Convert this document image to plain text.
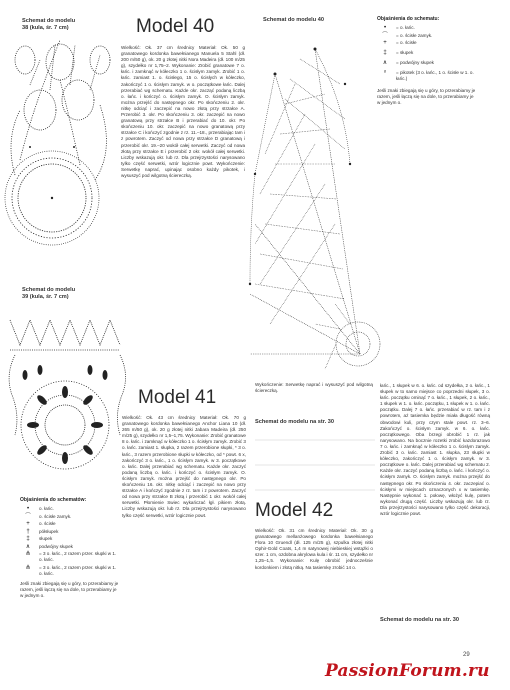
Schemat do modelu 38 (kula, śr. 7 cm)
Schemat do modelu 39 (kula, śr. 7 cm)
Objaśnienia do schematów:
•	o. łańc.
⌒	o. ścisłe zamyk.
+	o. ścisłe
†	półsłupek
‡	słupek
∧	podwójny słupek
⋔	= 3 o. łańc., 2 razem przer. słupki w 1. o. łańc.
⋔	= 3 o. łańc., 2 razem przer. słupki w 1. o. łańc.
Jeśli znaki zbiegają się u góry, to przerabiamy je razem, jeśli łączą się na dole, to przerabiamy je w jednym o.
Model 40
Wielkość: Ok. 37 cm średnicy Materiał: Ok. 50 g granatowego kordonka bawełnianego Manuela 5 Stahl (dł. 200 m/50 g), ok. 20 g złotej nitki Nora Madeira (dł. 100 m/25 g), szydełko nr 1,75–2. Wykonanie: Zrobić granatowe 7 o. łańc. i zamknąć w kółeczko 1 o. ścisłym zamyk. Zrobić 1 o. łańc. zamiast 1. o. ścisłego, 15 o. ścisłych w kółeczko, zakończyć 1 o. ścisłym zamyk. w o. początkowe łańc. Dalej przerabiać wg schematu. Każde okr. zacząć podaną liczbą o. łańc. i kończyć o. ścisłym zamyk. O. ścisłym zamyk. można przejść do następnego okr. Po skończeniu 2. okr. nitkę odciąć i zaczepić na nowo złotą przy strzałce A. Przerobić 3. okr. Po skończeniu 3. okr. zaczepić na nowo granatową przy strzałce B i przerabiać do 10. okr. Po skończeniu 10. okr. zaczepić na nowo granatową przy strzałce C i kończyć zgodnie z rz. 11.–18., przerabiając tam i z powrotem. Zaczyć od nowa przy strzałce D granatową i przerobić okr. 19.–20 wokół całej serwetki. Zaczyć od nowa złotą przy strzałce E i przerobić 2 okr. wokół całej serwetki. Liczby wskazują okr. lub rz. Dla przejrzystości narysowano tylko część serwetki, wzór logicznie powt. Wykończenie: Serwetkę naprać, upinając osobno każdy pikotek, i wysuszyć pod wilgotną ściereczką.
Schemat do modelu 40	Objaśnienia do schematu:
•	= o. łańc.
⌒	= o. ścisłe zamyk.
+	= o. ścisłe
‡	= słupek
∧	= podwójny słupek
ᵒ	= pikotek (3 o. łańc., 1 o. ścisłe w 1. o. łańc.)
Jeśli znaki zbiegają się u góry, to przerabiamy je razem, jeśli łączą się na dole, to przerabiamy je w jednym o.
Model 41
Wielkość: Ok. 43 cm średnicy Materiał: Ok. 70 g granatowego kordonka bawełnianego Anchor Liana 10 (dł. 265 m/50 g), ok. 20 g złotej nitki Jabara Madeira (dł. 250 m/25 g), szydełko nr 1,5–1,75. Wykonanie: Zrobić granatowe 8 o. łańc. i zamknąć w kółeczko 1 o. ścisłym zamyk. Zrobić 3 o. łańc. zamiast 1. słupka, 2 razem przerobione słupki, * 3 o. łańc., 3 razem przerobione słupki w kółeczko, od * powt. 6 x, zakończyć 3 o. łańc., 1 o. ścisłym zamyk. w 3. początkowe o. łańc. Dalej przerabiać wg schematu. Każde okr. zaczyć podaną liczbą o. łańc. i kończyć o. ścisłym zamyk. O. ścisłym zamyk. można przejść do następnego okr. Po skończeniu 16. okr. nitkę odciąć i zaczepić na nowo przy strzałce A i kończyć zgodnie z rz. tam i z powrotem. Zaczyć od nowa przy strzałce B złotą i przerobić 1 okr. wokół całej serwetki. Płomienie Swiec wykańczać łgł. pikiem złotą. Liczby wskazują okr. lub rz. Dla przejrzystości narysowano tylko część serwetki, wzór logicznie powt.
Wykończenie: Serwetkę naprać i wysuszyć pod wilgotną ściereczką.
Schemat do modelu na str. 30
Model 42
Wielkość: Ok. 31 cm średnicy Materiał: Ok. 30 g granatowego mellanżowego kordonka bawełnianego Flora 10 Gruendl (dł. 125 m/25 g), szpulka złotej nitki Ophir-Gold Coats, 1,4 m satynowej niebieskiej wstążki o szer. 1 cm, ozdobna akrylowa kula i śr. 11 cm, szydełko nr 1,25–1,5. Wykonanie: Kulę obrobić jednocześnie kordonkiem i złotą nitką. Na tasiemkę zrobić 14 o.
łańc., 1 słupek w 6. o. łańc. od szydełka, 2 o. łańc., 1 słupek w to samo miejsce co poprzedni słupek, 3 o. łańc. początku ominąć 7 o. łańc., 1 słupek, 2 o. łańc., 1 słupek w 1. o. łańc. początku, 1 słupek w 1. o. łańc. początku. Dalej 7 o. łańc. przerabiać w rz. tam i z powrotem, aż tasiemka będzie miała długość równą obwodowi kuli, przy czym stale powt. rz. 3–6. Zakończyć o. ścisłym zamyk. w 6. o. łańc. początkowego. Oba brzegi obrobić 1 rz. jak narysowano. Na bocznie rozetki zrobić kazdorazowo 7 o. łańc. i zamknąć w kółeczko 1 o. ścisłym zamyk. Zrobić 3 o. łańc. zamiast 1. słupka, 23 słupki w kółeczko, zakończyć 1 o. ścisłym zamyk. w 3. początkowe o. łańc. Dalej przerabiać wg schematu 2. Każde okr. zaczyć podaną liczbą o. łańc. i kończyć o. ścisłym zamyk. O. ścisłym zamyk. można przejść do następnego okr. Po skończeniu 4. okr. zaczepiać o. ścisłymi w miejscach oznaczonych x w tasiemkę. Następnie wykonać 1. połowę, włożyć kulę, potem wykonać drugą część. Liczby wskazują okr. lub rz. Dla przejrzystości narysowano tylko część dekoracji, wzór logicznie powt.
Schemat do modelu na str. 30
29
PassionForum.ru
